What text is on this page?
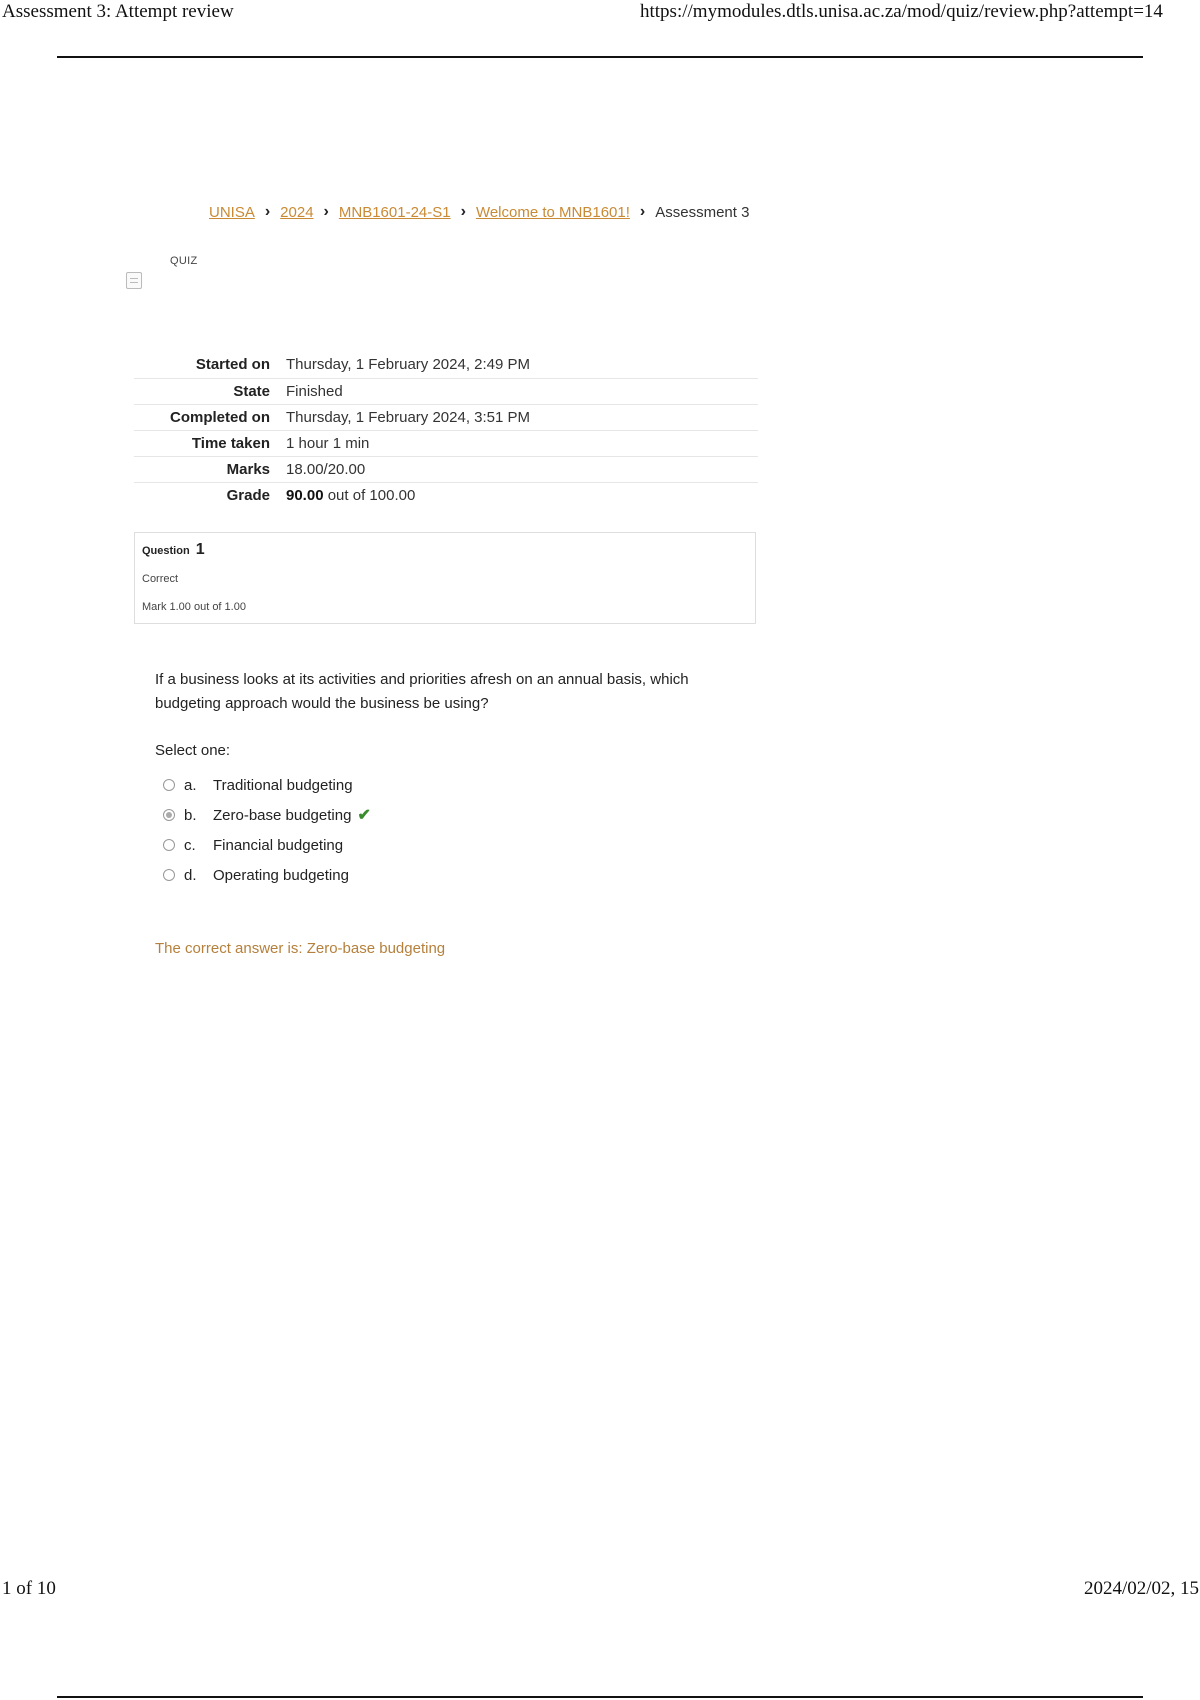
Assessment 3: Attempt review	https://mymodules.dtls.unisa.ac.za/mod/quiz/review.php?attempt=14
UNISA › 2024 › MNB1601-24-S1 › Welcome to MNB1601! › Assessment 3
QUIZ
Started on	Thursday, 1 February 2024, 2:49 PM
State	Finished
Completed on	Thursday, 1 February 2024, 3:51 PM
Time taken	1 hour 1 min
Marks	18.00/20.00
Grade	90.00 out of 100.00
Question 1
Correct
Mark 1.00 out of 1.00
If a business looks at its activities and priorities afresh on an annual basis, which budgeting approach would the business be using?
Select one:
a.	Traditional budgeting
b.	Zero-base budgeting ✔
c.	Financial budgeting
d.	Operating budgeting
The correct answer is: Zero-base budgeting
1 of 10	2024/02/02, 15
